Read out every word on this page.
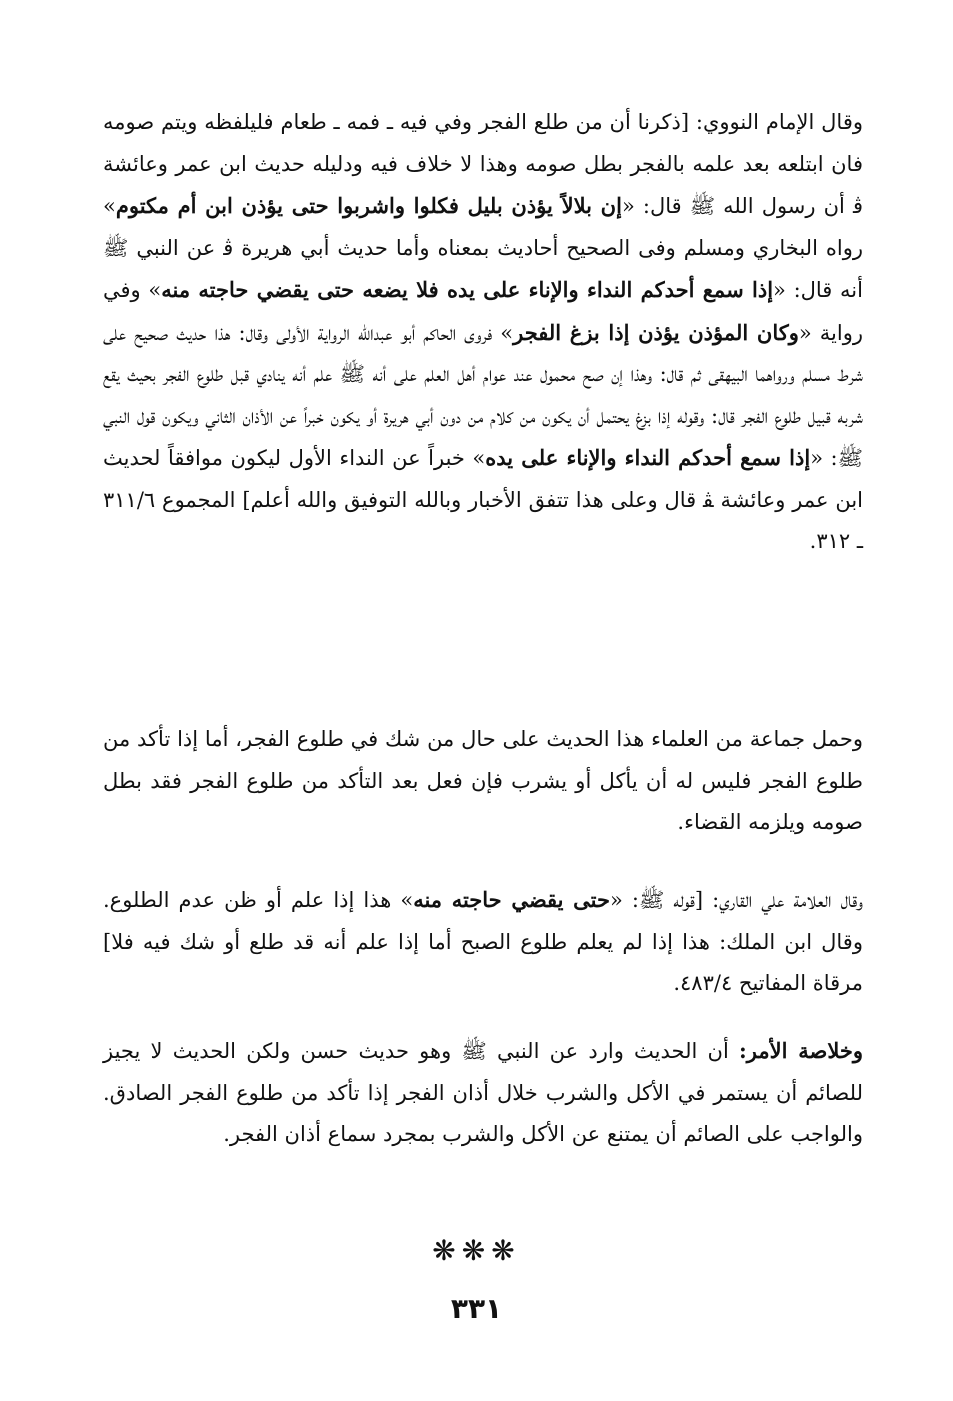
وقال الإمام النووي: [ذكرنا أن من طلع الفجر وفي فيه ـ فمه ـ طعام فليلفظه ويتم صومه فان ابتلعه بعد علمه بالفجر بطل صومه وهذا لا خلاف فيه ودليله حديث ابن عمر وعائشة ﭬ أن رسول الله ﷺ قال: «إن بلالاً يؤذن بليل فكلوا واشربوا حتى يؤذن ابن أم مكتوم» رواه البخاري ومسلم وفى الصحيح أحاديث بمعناه وأما حديث أبي هريرة ﭬ عن النبي ﷺ أنه قال: «إذا سمع أحدكم النداء والإناء على يده فلا يضعه حتى يقضي حاجته منه» وفي رواية «وكان المؤذن يؤذن إذا بزغ الفجر» فروى الحاكم أبو عبدالله الرواية الأولى وقال: هذا حديث صحيح على شرط مسلم ورواهما البيهقى ثم قال: وهذا إن صح محمول عند عوام أهل العلم على أنه ﷺ علم أنه ينادي قبل طلوع الفجر بحيث يقع شربه قبيل طلوع الفجر قال: وقوله إذا بزغ يحتمل أن يكون من كلام من دون أبي هريرة أو يكون خبراً عن الأذان الثاني ويكون قول النبي ﷺ: «إذا سمع أحدكم النداء والإناء على يده» خبراً عن النداء الأول ليكون موافقاً لحديث ابن عمر وعائشة ﭭ قال وعلى هذا تتفق الأخبار وبالله التوفيق والله أعلم] المجموع ٣١١/٦ ـ ٣١٢.

وحمل جماعة من العلماء هذا الحديث على حال من شك في طلوع الفجر، أما إذا تأكد من طلوع الفجر فليس له أن يأكل أو يشرب فإن فعل بعد التأكد من طلوع الفجر فقد بطل صومه ويلزمه القضاء.

وقال العلامة علي القاري: [قوله ﷺ: «حتى يقضي حاجته منه» هذا إذا علم أو ظن عدم الطلوع. وقال ابن الملك: هذا إذا لم يعلم طلوع الصبح أما إذا علم أنه قد طلع أو شك فيه فلا] مرقاة المفاتيح ٤٨٣/٤.

وخلاصة الأمر: أن الحديث وارد عن النبي ﷺ وهو حديث حسن ولكن الحديث لا يجيز للصائم أن يستمر في الأكل والشرب خلال أذان الفجر إذا تأكد من طلوع الفجر الصادق. والواجب على الصائم أن يمتنع عن الأكل والشرب بمجرد سماع أذان الفجر.

❋❋❋
٣٣١
